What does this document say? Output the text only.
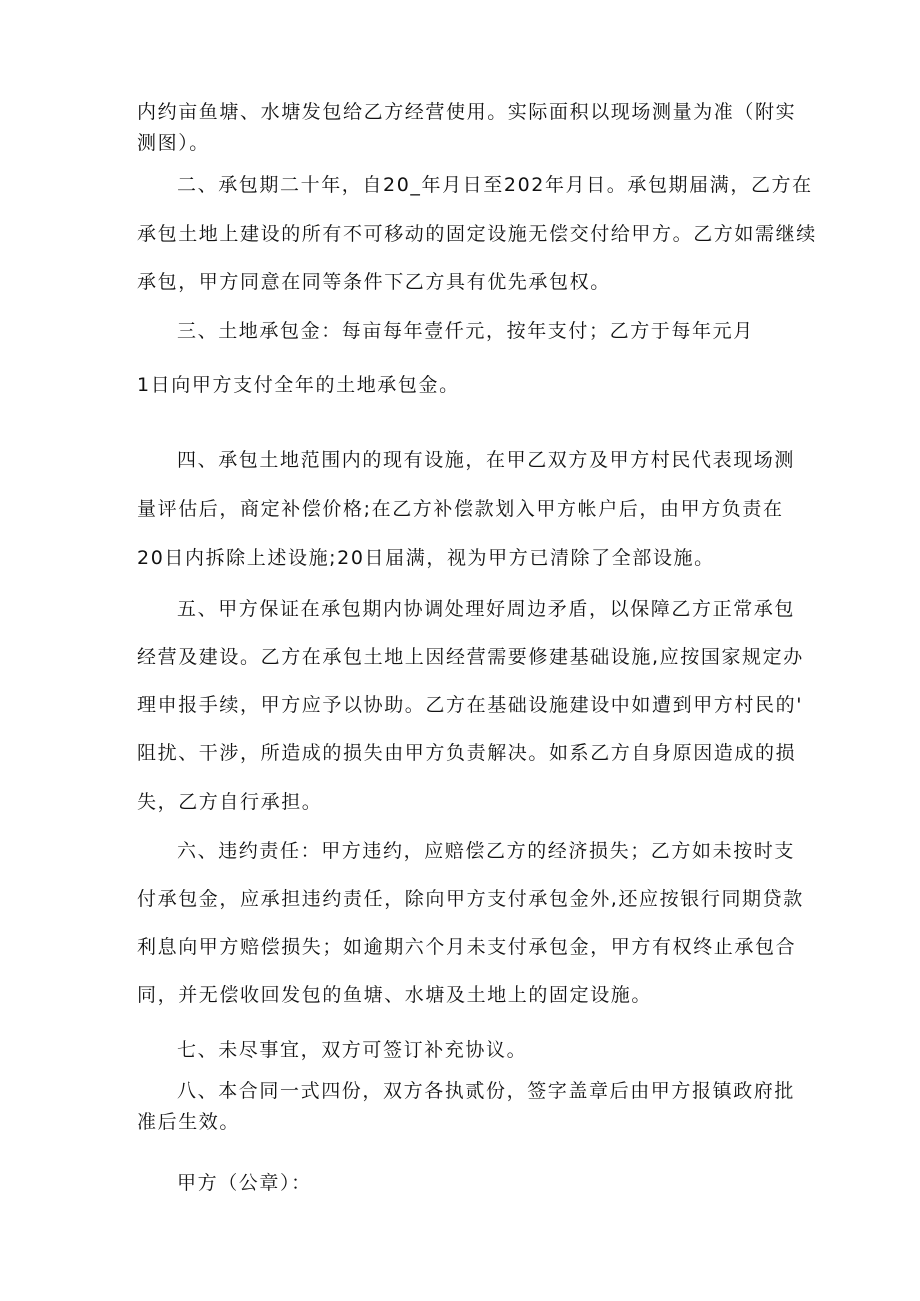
内约亩鱼塘、水塘发包给乙方经营使用。实际面积以现场测量为准（附实
测图）。
二、承包期二十年，自20_年月日至202年月日。承包期届满，乙方在
承包土地上建设的所有不可移动的固定设施无偿交付给甲方。乙方如需继续
承包，甲方同意在同等条件下乙方具有优先承包权。
三、土地承包金：每亩每年壹仟元，按年支付；乙方于每年元月
1日向甲方支付全年的土地承包金。
四、承包土地范围内的现有设施，在甲乙双方及甲方村民代表现场测
量评估后，商定补偿价格;在乙方补偿款划入甲方帐户后，由甲方负责在
20日内拆除上述设施;20日届满，视为甲方已清除了全部设施。
五、甲方保证在承包期内协调处理好周边矛盾，以保障乙方正常承包
经营及建设。乙方在承包土地上因经营需要修建基础设施,应按国家规定办
理申报手续，甲方应予以协助。乙方在基础设施建设中如遭到甲方村民的'
阻扰、干涉，所造成的损失由甲方负责解决。如系乙方自身原因造成的损
失，乙方自行承担。
六、违约责任：甲方违约，应赔偿乙方的经济损失；乙方如未按时支
付承包金，应承担违约责任，除向甲方支付承包金外,还应按银行同期贷款
利息向甲方赔偿损失；如逾期六个月未支付承包金，甲方有权终止承包合
同，并无偿收回发包的鱼塘、水塘及土地上的固定设施。
七、未尽事宜，双方可签订补充协议。
八、本合同一式四份，双方各执贰份，签字盖章后由甲方报镇政府批
准后生效。
甲方（公章）：
